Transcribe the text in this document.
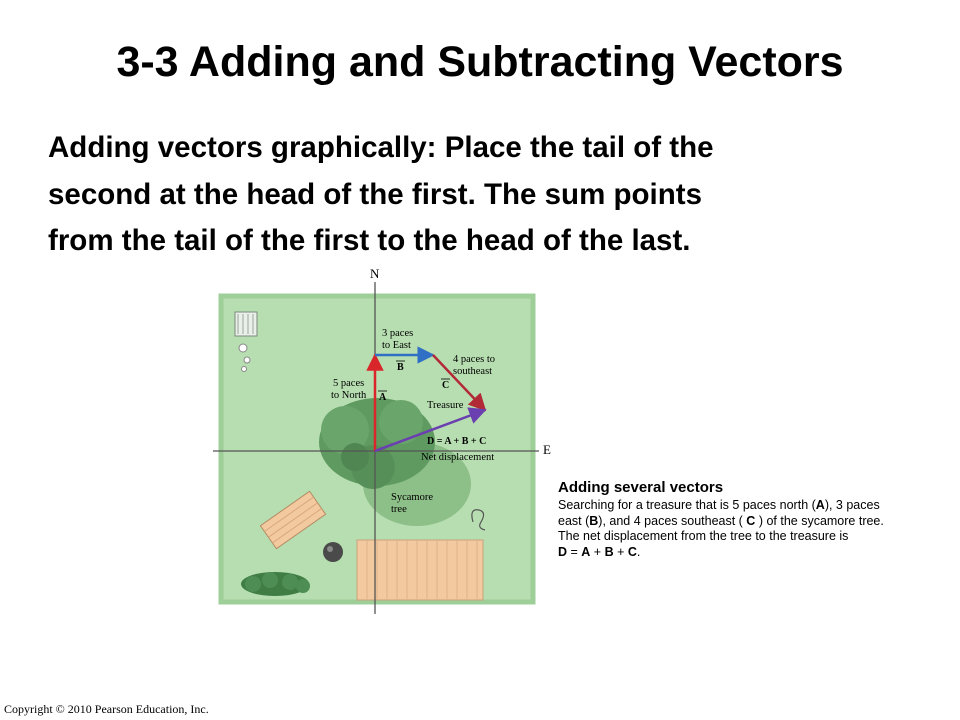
3-3 Adding and Subtracting Vectors
Adding vectors graphically: Place the tail of the
second at the head of the first. The sum points
from the tail of the first to the head of the last.
N
E
3 paces
to East
B
4 paces to
southeast
C
5 paces
to North A
Treasure
D = A + B + C
Net displacement
Sycamore
tree
Adding several vectors
Searching for a treasure that is 5 paces north (A), 3 paces
east (B), and 4 paces southeast ( C ) of the sycamore tree.
The net displacement from the tree to the treasure is
D = A + B + C.
Copyright © 2010 Pearson Education, Inc.
